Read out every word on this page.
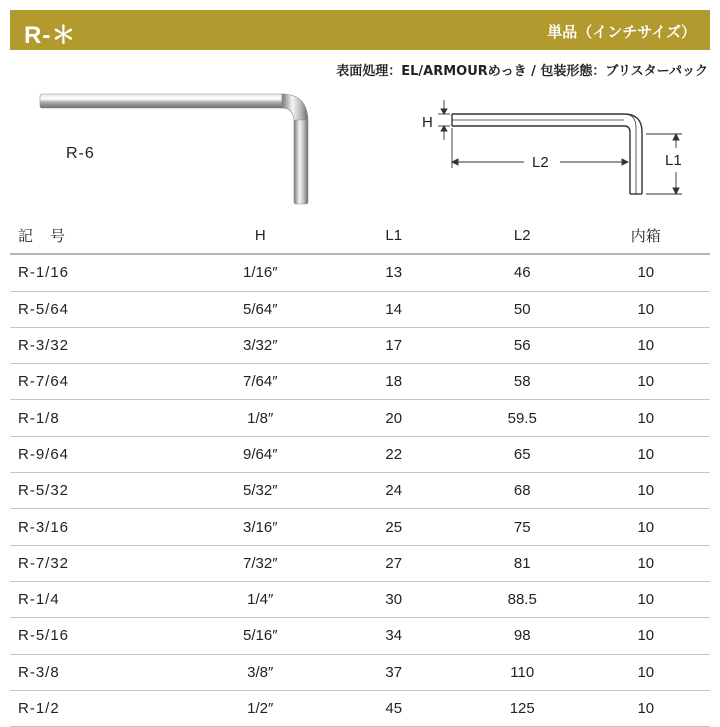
R-＊	単品（インチサイズ）
表面処理：EL/ARMOURめっき / 包装形態：ブリスターパック
R-6
H
L2	L1
記　号	H	L1	L2	内箱
R-1/16	1/16″	13	46	10
R-5/64	5/64″	14	50	10
R-3/32	3/32″	17	56	10
R-7/64	7/64″	18	58	10
R-1/8	1/8″	20	59.5	10
R-9/64	9/64″	22	65	10
R-5/32	5/32″	24	68	10
R-3/16	3/16″	25	75	10
R-7/32	7/32″	27	81	10
R-1/4	1/4″	30	88.5	10
R-5/16	5/16″	34	98	10
R-3/8	3/8″	37	110	10
R-1/2	1/2″	45	125	10
